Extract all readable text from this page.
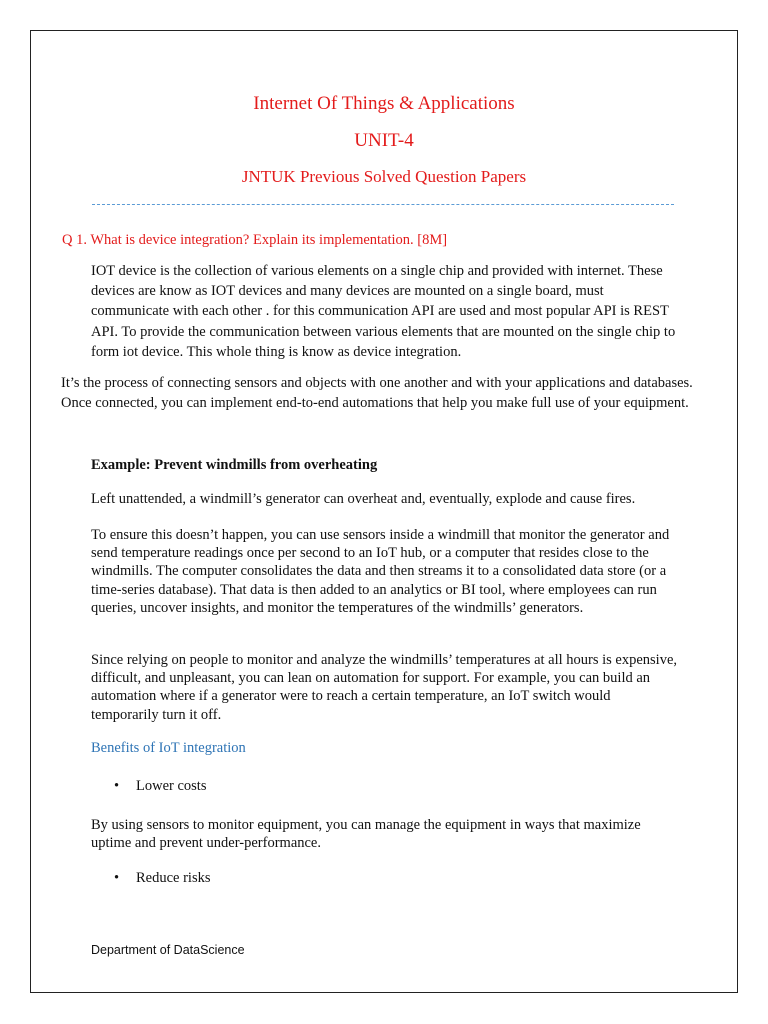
Internet Of Things & Applications
UNIT-4
JNTUK Previous Solved Question Papers
Q 1. What is device integration? Explain its implementation. [8M]

IOT device is the collection of various elements on a single chip and provided with internet. These devices are know as IOT devices and many devices are mounted on a single board, must communicate with each other . for this communication API are used and most popular API is REST API. To provide the communication between various elements that are mounted on the single chip to form iot device. This whole thing is know as device integration.

It’s the process of connecting sensors and objects with one another and with your applications and databases. Once connected, you can implement end-to-end automations that help you make full use of your equipment.

Example: Prevent windmills from overheating

Left unattended, a windmill’s generator can overheat and, eventually, explode and cause fires.

To ensure this doesn’t happen, you can use sensors inside a windmill that monitor the generator and send temperature readings once per second to an IoT hub, or a computer that resides close to the windmills. The computer consolidates the data and then streams it to a consolidated data store (or a time-series database). That data is then added to an analytics or BI tool, where employees can run queries, uncover insights, and monitor the temperatures of the windmills’ generators.

Since relying on people to monitor and analyze the windmills’ temperatures at all hours is expensive, difficult, and unpleasant, you can lean on automation for support. For example, you can build an automation where if a generator were to reach a certain temperature, an IoT switch would temporarily turn it off.

Benefits of IoT integration
• Lower costs

By using sensors to monitor equipment, you can manage the equipment in ways that maximize uptime and prevent under-performance.

• Reduce risks
Department of DataScience
